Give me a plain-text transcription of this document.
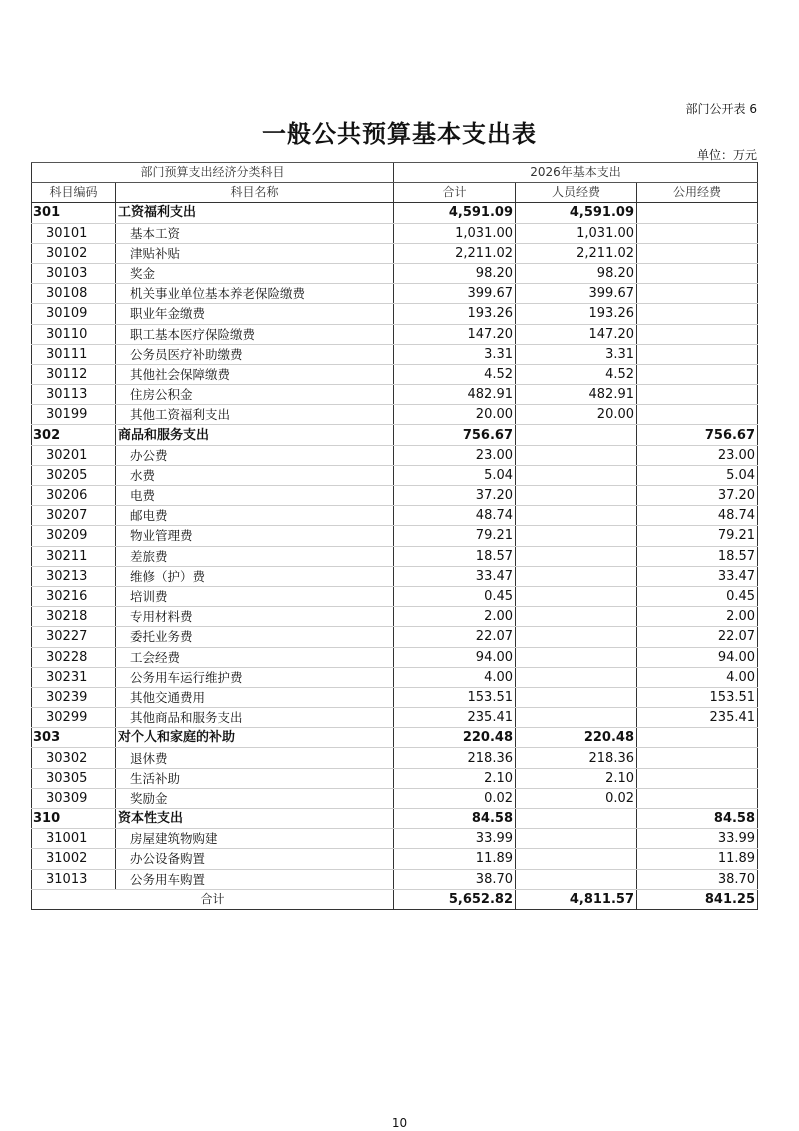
部门公开表 6
一般公共预算基本支出表
单位：万元
部门预算支出经济分类科目		2026年基本支出		
科目编码	科目名称	合计	人员经费	公用经费
301	工资福利支出	4,591.09	4,591.09	
30101	基本工资	1,031.00	1,031.00	
30102	津贴补贴	2,211.02	2,211.02	
30103	奖金	98.20	98.20	
30108	机关事业单位基本养老保险缴费	399.67	399.67	
30109	职业年金缴费	193.26	193.26	
30110	职工基本医疗保险缴费	147.20	147.20	
30111	公务员医疗补助缴费	3.31	3.31	
30112	其他社会保障缴费	4.52	4.52	
30113	住房公积金	482.91	482.91	
30199	其他工资福利支出	20.00	20.00	
302	商品和服务支出	756.67		756.67
30201	办公费	23.00		23.00
30205	水费	5.04		5.04
30206	电费	37.20		37.20
30207	邮电费	48.74		48.74
30209	物业管理费	79.21		79.21
30211	差旅费	18.57		18.57
30213	维修（护）费	33.47		33.47
30216	培训费	0.45		0.45
30218	专用材料费	2.00		2.00
30227	委托业务费	22.07		22.07
30228	工会经费	94.00		94.00
30231	公务用车运行维护费	4.00		4.00
30239	其他交通费用	153.51		153.51
30299	其他商品和服务支出	235.41		235.41
303	对个人和家庭的补助	220.48	220.48	
30302	退休费	218.36	218.36	
30305	生活补助	2.10	2.10	
30309	奖励金	0.02	0.02	
310	资本性支出	84.58		84.58
31001	房屋建筑物购建	33.99		33.99
31002	办公设备购置	11.89		11.89
31013	公务用车购置	38.70		38.70
合计		5,652.82	4,811.57	841.25
10
